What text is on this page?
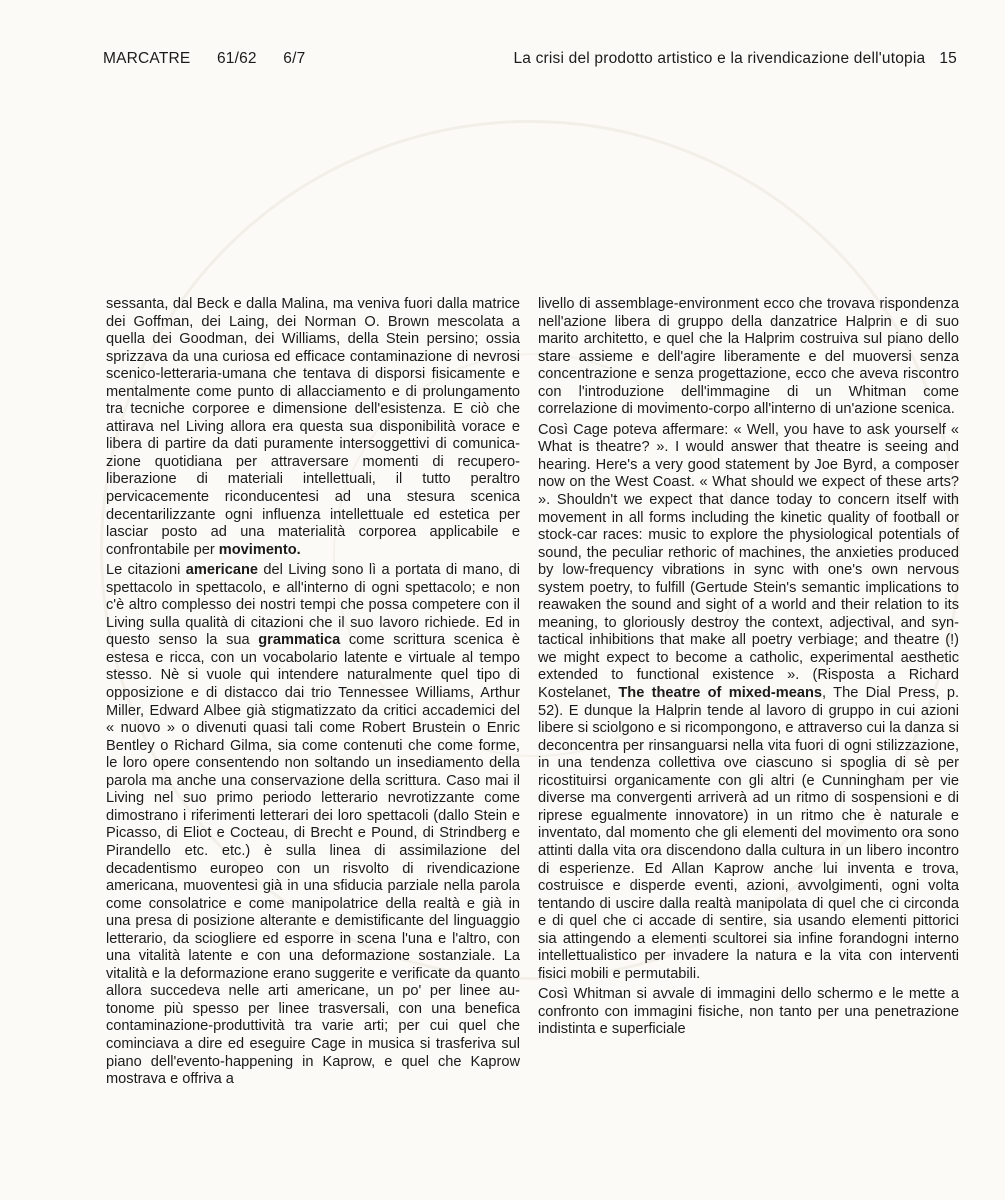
MARCATRE 61/62 6/7	La crisi del prodotto artistico e la rivendicazione dell'utopia 15

sessanta, dal Beck e dalla Malina, ma veniva fuori dalla matrice dei Goffman, dei Laing, dei Norman O. Brown mescolata a quella dei Goodman, dei Williams, della Stein persino; ossia sprizzava da una curiosa ed efficace contaminazione di nevrosi scenico-letteraria-umana che tentava di disporsi fisicamente e mentalmente come punto di allacciamento e di prolungamento tra tecniche corporee e dimensione dell'esistenza. E ciò che attirava nel Living allora era questa sua disponibilità vorace e libera di partire da dati puramente intersoggettivi di comunicazione quotidiana per attraversare momenti di recupero-liberazione di materiali intellettuali, il tutto peraltro pervicacemente riconducentesi ad una stesura scenica decentarilizzante ogni influenza intellettuale ed estetica per lasciar posto ad una materialità corporea applicabile e confrontabile per movimento.

Le citazioni americane del Living sono lì a portata di mano, di spettacolo in spettacolo, e all'interno di ogni spettacolo; e non c'è altro complesso dei nostri tempi che possa competere con il Living sulla qualità di citazioni che il suo lavoro richiede. Ed in questo senso la sua grammatica come scrittura scenica è estesa e ricca, con un vocabolario latente e virtuale al tempo stesso. Nè si vuole qui intendere naturalmente quel tipo di opposizione e di distacco dai trio Tennessee Williams, Arthur Miller, Edward Albee già stigmatizzato da critici accademici del « nuovo » o divenuti quasi tali come Robert Brustein o Enric Bentley o Richard Gilma, sia come contenuti che come forme, le loro opere consentendo non soltando un insediamento della parola ma anche una conservazione della scrittura. Caso mai il Living nel suo primo periodo letterario nevrotizzante come dimostrano i riferimenti letterari dei loro spettacoli (dallo Stein e Picasso, di Eliot e Cocteau, di Brecht e Pound, di Strindberg e Pirandello etc. etc.) è sulla linea di assimilazione del decadentismo europeo con un risvolto di rivendicazione americana, muoventesi già in una sfiducia parziale nella parola come consolatrice e come manipolatrice della realtà e già in una presa di posizione alterante e demistificante del linguaggio letterario, da sciogliere ed esporre in scena l'una e l'altro, con una vitalità latente e con una deformazione sostanziale. La vitalità e la deformazione erano suggerite e verificate da quanto allora succedeva nelle arti americane, un po' per linee autonome più spesso per linee trasversali, con una benefica contaminazione-produttività tra varie arti; per cui quel che cominciava a dire ed eseguire Cage in musica si trasferiva sul piano dell'evento-happening in Kaprow, e quel che Kaprow mostrava e offriva a

livello di assemblage-environment ecco che trovava rispondenza nell'azione libera di gruppo della danzatrice Halprin e di suo marito architetto, e quel che la Halprim costruiva sul piano dello stare assieme e dell'agire liberamente e del muoversi senza concentrazione e senza progettazione, ecco che aveva riscontro con l'introduzione dell'immagine di un Whitman come correlazione di movimento-corpo all'interno di un'azione scenica.

Così Cage poteva affermare: « Well, you have to ask yourself « What is theatre? ». I would answer that theatre is seeing and hearing. Here's a very good statement by Joe Byrd, a composer now on the West Coast. « What should we expect of these arts? ». Shouldn't we expect that dance today to concern itself with movement in all forms including the kinetic quality of football or stock-car races: music to explore the physiological potentials of sound, the peculiar rethoric of machines, the anxieties produced by low-frequency vibrations in sync with one's own nervous system poetry, to fulfill (Gertude Stein's semantic implications to reawaken the sound and sight of a world and their relation to its meaning, to gloriously destroy the context, adjectival, and syntactical inhibitions that make all poetry verbiage; and theatre (!) we might expect to become a catholic, experimental aesthetic extended to functional existence ». (Risposta a Richard Kostelanet, The theatre of mixed-means, The Dial Press, p. 52). E dunque la Halprin tende al lavoro di gruppo in cui azioni libere si sciolgono e si ricompongono, e attraverso cui la danza si deconcentra per rinsanguarsi nella vita fuori di ogni stilizzazione, in una tendenza collettiva ove ciascuno si spoglia di sè per ricostituirsi organicamente con gli altri (e Cunningham per vie diverse ma convergenti arriverà ad un ritmo di sospensioni e di riprese egualmente innovatore) in un ritmo che è naturale e inventato, dal momento che gli elementi del movimento ora sono attinti dalla vita ora discendono dalla cultura in un libero incontro di esperienze. Ed Allan Kaprow anche lui inventa e trova, costruisce e disperde eventi, azioni, avvolgimenti, ogni volta tentando di uscire dalla realtà manipolata di quel che ci circonda e di quel che ci accade di sentire, sia usando elementi pittorici sia attingendo a elementi scultorei sia infine forandogni interno intellettualistico per invadere la natura e la vita con interventi fisici mobili e permutabili.

Così Whitman si avvale di immagini dello schermo e le mette a confronto con immagini fisiche, non tanto per una penetrazione indistinta e superficiale
